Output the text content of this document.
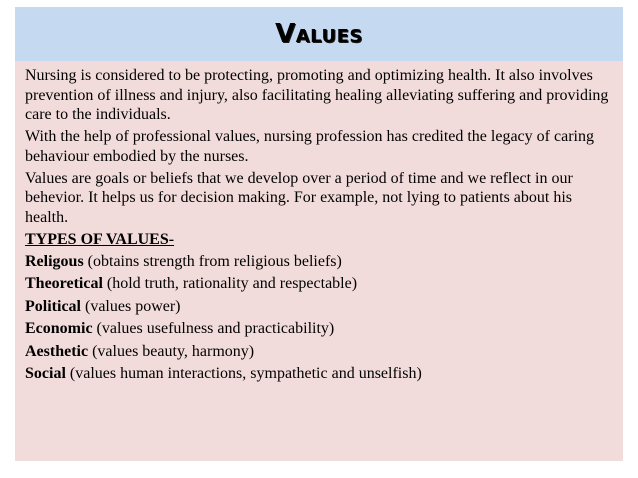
Values

Nursing is considered to be protecting, promoting and optimizing health. It also involves prevention of illness and injury, also facilitating healing alleviating suffering and providing care to the individuals.

With the help of professional values, nursing profession has credited the legacy of caring behaviour embodied by the nurses.

Values are goals or beliefs that we develop over a period of time and we reflect in our behevior. It helps us for decision making. For example, not lying to patients about his health.

TYPES OF VALUES-
Religous (obtains strength from religious beliefs)
Theoretical (hold truth, rationality and respectable)
Political (values power)
Economic (values usefulness and practicability)
Aesthetic (values beauty, harmony)
Social (values human interactions, sympathetic and unselfish)
